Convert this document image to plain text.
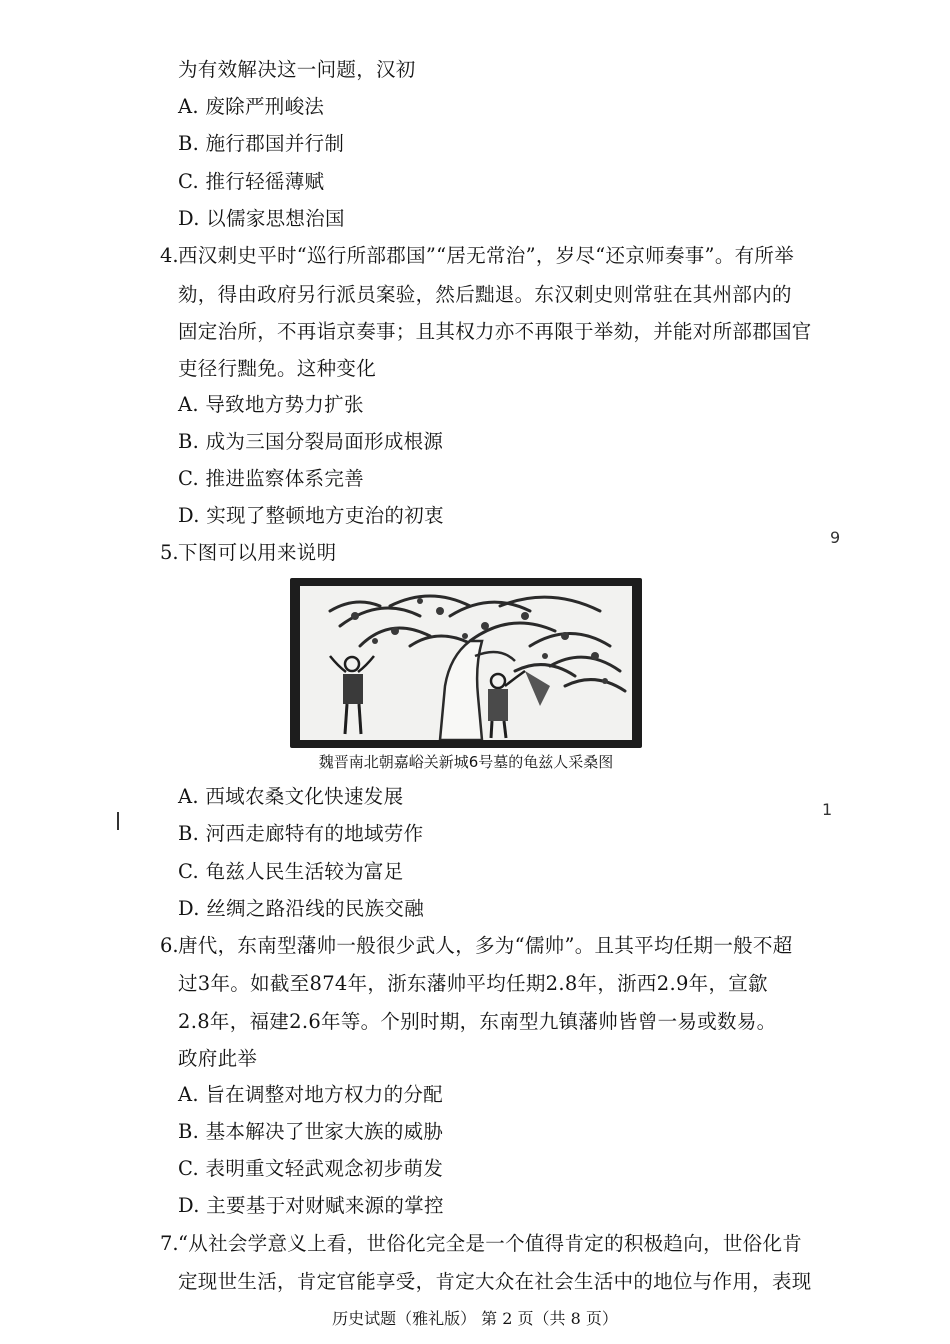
为有效解决这一问题，汉初
A. 废除严刑峻法
B. 施行郡国并行制
C. 推行轻徭薄赋
D. 以儒家思想治国
4. 西汉刺史平时“巡行所部郡国”“居无常治”，岁尽“还京师奏事”。有所举
劾，得由政府另行派员案验，然后黜退。东汉刺史则常驻在其州部内的
固定治所，不再诣京奏事；且其权力亦不再限于举劾，并能对所部郡国官
吏径行黜免。这种变化
A. 导致地方势力扩张
B. 成为三国分裂局面形成根源
C. 推进监察体系完善
D. 实现了整顿地方吏治的初衷
5. 下图可以用来说明
魏晋南北朝嘉峪关新城6号墓的龟兹人采桑图
A. 西域农桑文化快速发展
B. 河西走廊特有的地域劳作
C. 龟兹人民生活较为富足
D. 丝绸之路沿线的民族交融
6. 唐代，东南型藩帅一般很少武人，多为“儒帅”。且其平均任期一般不超
过3年。如截至874年，浙东藩帅平均任期2.8年，浙西2.9年，宣歙
2.8年，福建2.6年等。个别时期，东南型九镇藩帅皆曾一易或数易。
政府此举
A. 旨在调整对地方权力的分配
B. 基本解决了世家大族的威胁
C. 表明重文轻武观念初步萌发
D. 主要基于对财赋来源的掌控
7. “从社会学意义上看，世俗化完全是一个值得肯定的积极趋向，世俗化肯
定现世生活，肯定官能享受，肯定大众在社会生活中的地位与作用，表现
9
1
历史试题（雅礼版） 第 2 页（共 8 页）
